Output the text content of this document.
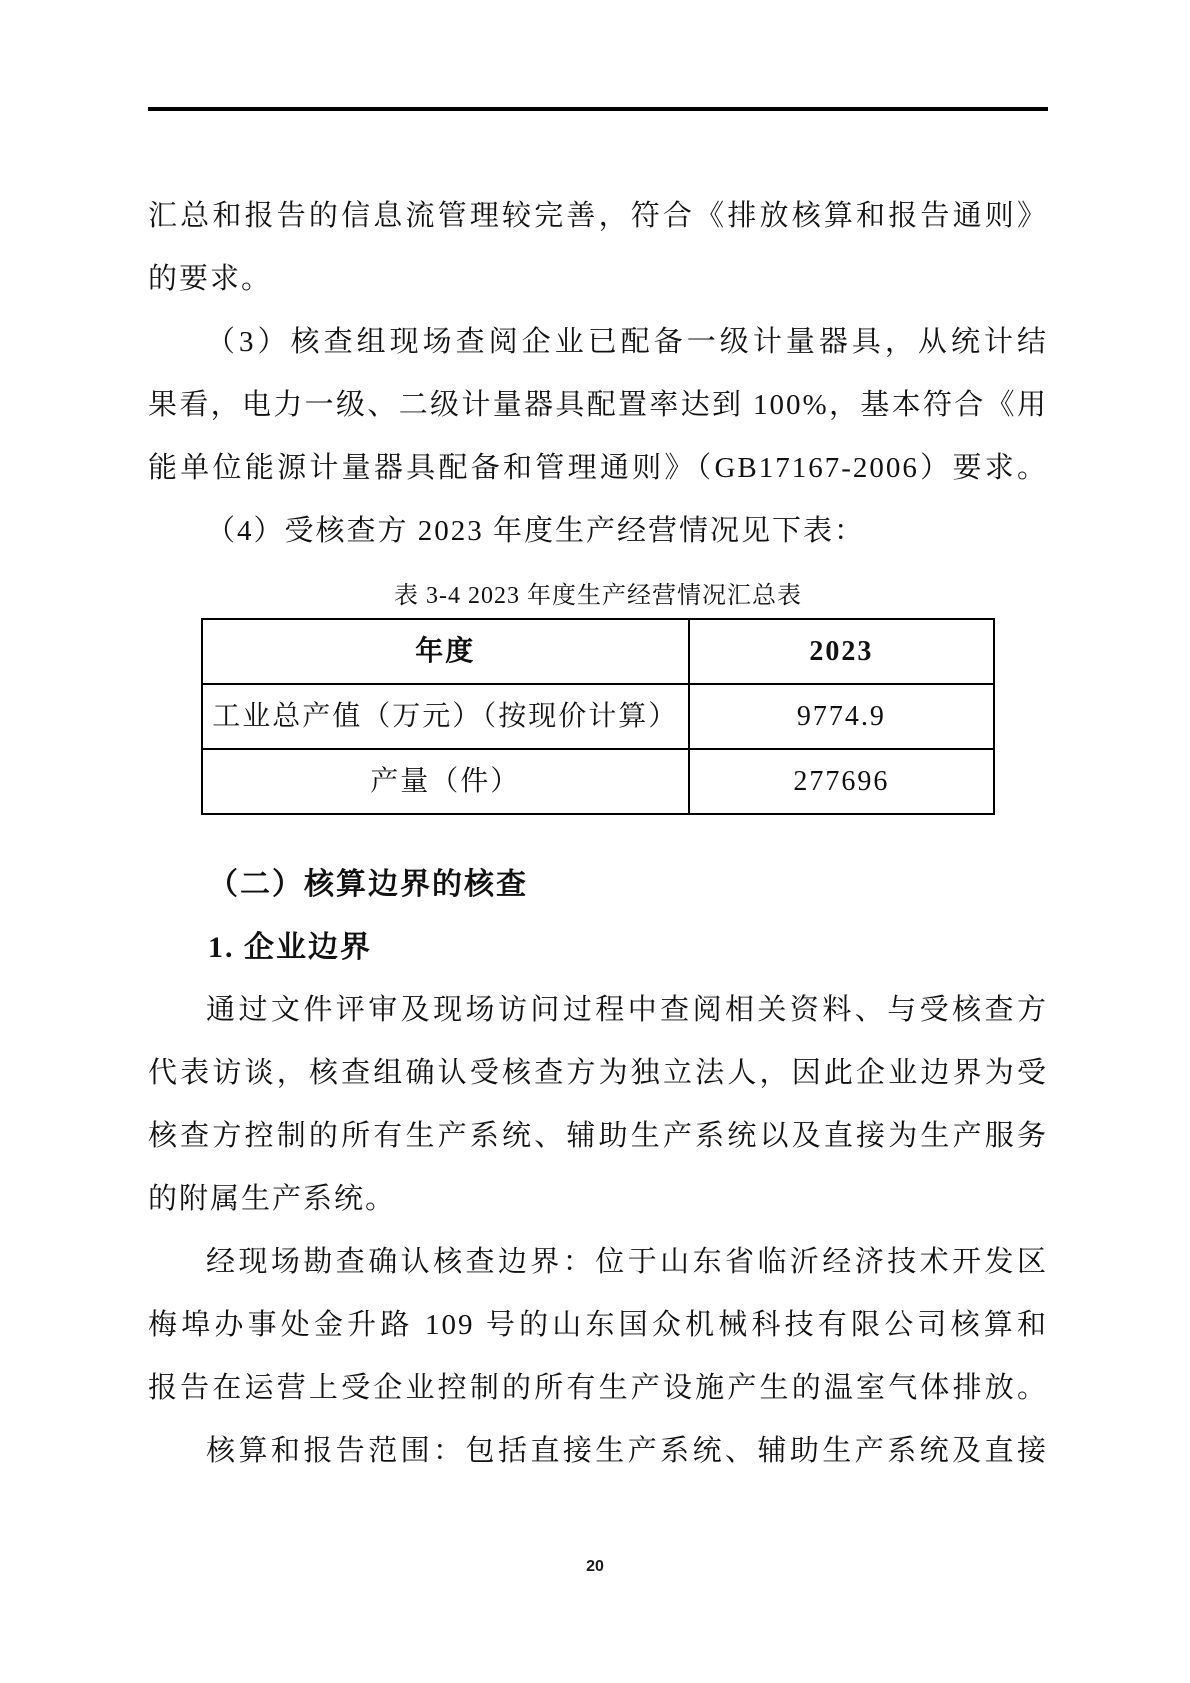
汇总和报告的信息流管理较完善，符合《排放核算和报告通则》
的要求。
（3）核查组现场查阅企业已配备一级计量器具，从统计结
果看，电力一级、二级计量器具配置率达到 100%，基本符合《用
能单位能源计量器具配备和管理通则》（GB17167-2006）要求。
（4）受核查方 2023 年度生产经营情况见下表：
表 3-4 2023 年度生产经营情况汇总表
年度	2023
工业总产值（万元）（按现价计算）	9774.9
产量（件）	277696
（二）核算边界的核查
1. 企业边界
通过文件评审及现场访问过程中查阅相关资料、与受核查方
代表访谈，核查组确认受核查方为独立法人，因此企业边界为受
核查方控制的所有生产系统、辅助生产系统以及直接为生产服务
的附属生产系统。
经现场勘查确认核查边界：位于山东省临沂经济技术开发区
梅埠办事处金升路 109 号的山东国众机械科技有限公司核算和
报告在运营上受企业控制的所有生产设施产生的温室气体排放。
核算和报告范围：包括直接生产系统、辅助生产系统及直接
20
